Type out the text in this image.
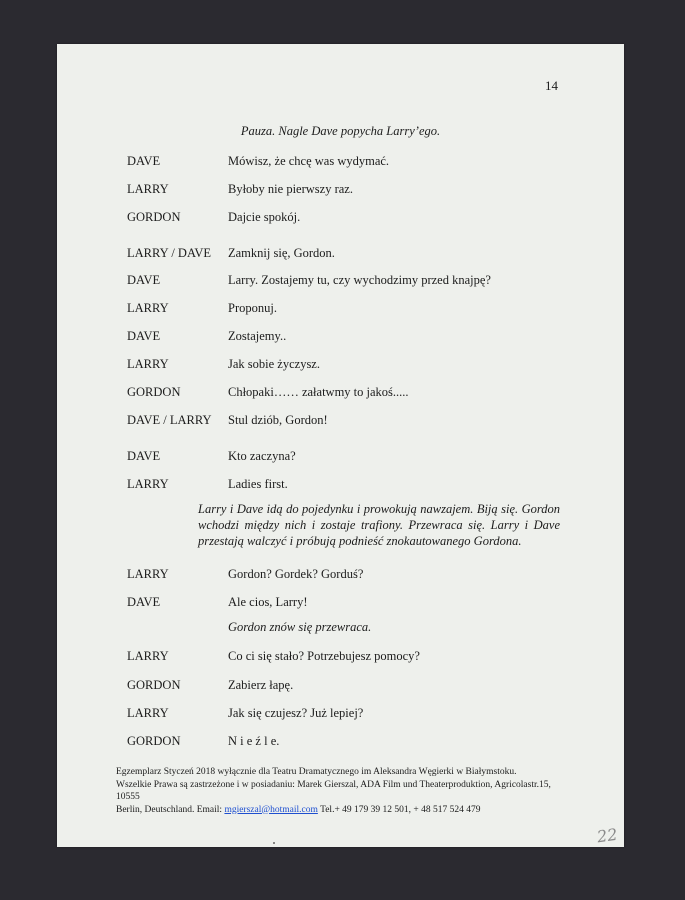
14
Pauza. Nagle Dave popycha Larry’ego.
DAVE	Mówisz, że chcę was wydymać.
LARRY	Byłoby nie pierwszy raz.
GORDON	Dajcie spokój.
LARRY / DAVE Zamknij się, Gordon.
DAVE	Larry. Zostajemy tu, czy wychodzimy przed knajpę?
LARRY	Proponuj.
DAVE	Zostajemy..
LARRY	Jak sobie życzysz.
GORDON	Chłopaki…… załatwmy to jakoś.....
DAVE / LARRY Stul dziób, Gordon!
DAVE	Kto zaczyna?
LARRY	Ladies first.
Larry i Dave idą do pojedynku i prowokują nawzajem. Biją się. Gordon wchodzi między nich i zostaje trafiony. Przewraca się. Larry i Dave przestają walczyć i próbują podnieść znokautowanego Gordona.
LARRY	Gordon? Gordek? Gorduś?
DAVE	Ale cios, Larry!
Gordon znów się przewraca.
LARRY	Co ci się stało? Potrzebujesz pomocy?
GORDON	Zabierz łapę.
LARRY	Jak się czujesz? Już lepiej?
GORDON	N i e ź l e.
Egzemplarz Styczeń 2018 wyłącznie dla Teatru Dramatycznego im Aleksandra Węgierki w Białymstoku.
Wszelkie Prawa są zastrzeżone i w posiadaniu: Marek Gierszal, ADA Film und Theaterproduktion, Agricolastr.15, 10555
Berlin, Deutschland. Email: mgierszal@hotmail.com Tel.+ 49 179 39 12 501, + 48 517 524 479
22
